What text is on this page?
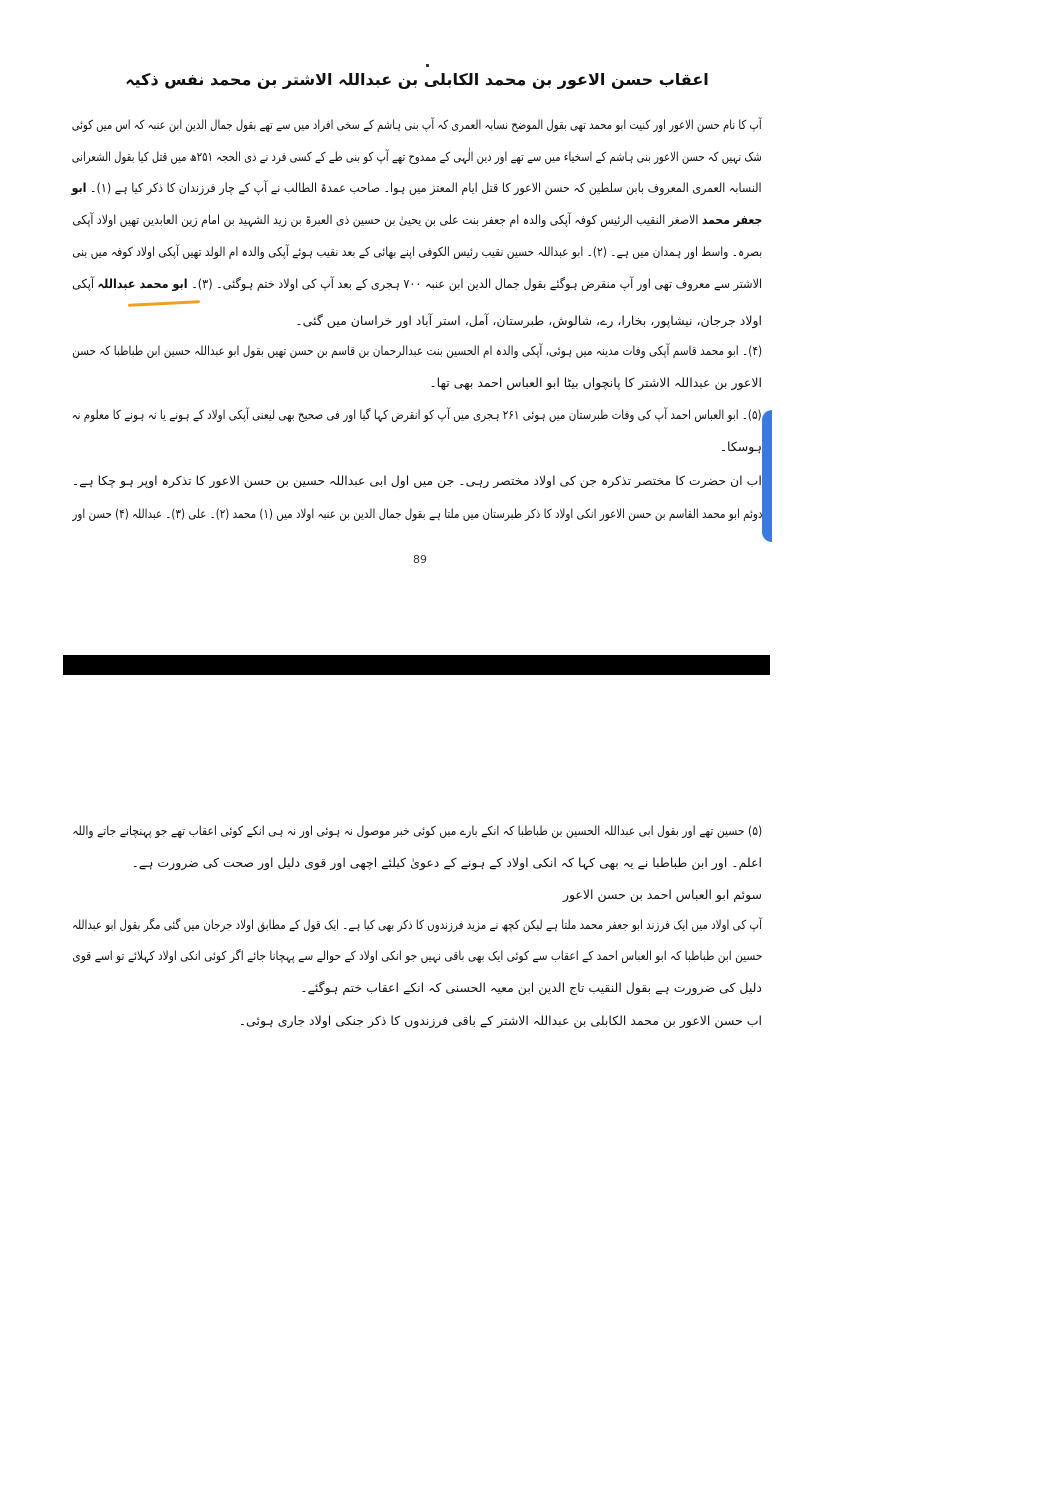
اعقاب حسن الاعور بن محمد الکابلی بن عبداللہ الاشتر بن محمد نفس ذکیہ
آپ کا نام حسن الاعور اور کنیت ابو محمد تھی بقول الموضح نسابہ العمری کہ آپ بنی ہاشم کے سخی افراد میں سے تھے بقول جمال الدین ابن عنبہ کہ اس میں کوئی
شک نہیں کہ حسن الاعور بنی ہاشم کے اسخیاء میں سے تھے اور دین الٰہی کے ممدوح تھے آپ کو بنی طے کے کسی فرد نے ذی الحجہ ۲۵۱ھ میں قتل کیا بقول الشعرانی
النسابہ العمری المعروف بابن سلطین کہ حسن الاعور کا قتل ایام المعتز میں ہوا۔ صاحب عمدۃ الطالب نے آپ کے چار فرزندان کا ذکر کیا ہے (۱)۔ ابو
جعفر محمد الاصغر النقیب الرئیس کوفہ آپکی والدہ ام جعفر بنت علی بن یحییٰ بن حسین ذی العبرۃ بن زید الشہید بن امام زین العابدین تھیں اولاد آپکی
بصرہ۔ واسط اور ہمدان میں ہے۔ (۲)۔ ابو عبداللہ حسین نقیب رئیس الکوفی اپنے بھائی کے بعد نقیب ہوئے آپکی والدہ ام الولد تھیں آپکی اولاد کوفہ میں بنی
الاشتر سے معروف تھی اور آپ منقرض ہوگئے بقول جمال الدین ابن عنبہ ۷۰۰ ہجری کے بعد آپ کی اولاد ختم ہوگئی۔ (۳)۔ ابو محمد عبداللہ آپکی
اولاد جرجان، نیشاپور، بخارا، رے، شالوش، طبرستان، آمل، استر آباد اور خراسان میں گئی۔
(۴)۔ ابو محمد قاسم آپکی وفات مدینہ میں ہوئی، آپکی والدہ ام الحسین بنت عبدالرحمان بن قاسم بن حسن تھیں بقول ابو عبداللہ حسین ابن طباطبا کہ حسن
الاعور بن عبداللہ الاشتر کا پانچواں بیٹا ابو العباس احمد بھی تھا۔
(۵)۔ ابو العباس احمد آپ کی وفات طبرستان میں ہوئی ۲۶۱ ہجری میں آپ کو انقرض کہا گیا اور فی صحیح بھی لیعنی آپکی اولاد کے ہونے یا نہ ہونے کا معلوم نہ
ہوسکا۔
اب ان حضرت کا مختصر تذکرہ جن کی اولاد مختصر رہی۔ جن میں اول ابی عبداللہ حسین بن حسن الاعور کا تذکرہ اوپر ہو چکا ہے۔
دوئم ابو محمد القاسم بن حسن الاعور انکی اولاد کا ذکر طبرستان میں ملتا ہے بقول جمال الدین بن عنبہ اولاد میں (۱) محمد (۲)۔ علی (۳)۔ عبداللہ (۴) حسن اور
89
(۵) حسین تھے اور بقول ابی عبداللہ الحسین بن طباطبا کہ انکے بارے میں کوئی خبر موصول نہ ہوئی اور نہ ہی انکے کوئی اعقاب تھے جو پہنچانے جاتے واللہ
اعلم۔ اور ابن طباطبا نے یہ بھی کہا کہ انکی اولاد کے ہونے کے دعویٰ کیلئے اچھی اور قوی دلیل اور صحت کی ضرورت ہے۔
سوئم ابو العباس احمد بن حسن الاعور
آپ کی اولاد میں ایک فرزند ابو جعفر محمد ملتا ہے لیکن کچھ نے مزید فرزندوں کا ذکر بھی کیا ہے۔ ایک قول کے مطابق اولاد جرجان میں گئی مگر بقول ابو عبداللہ
حسین ابن طباطبا کہ ابو العباس احمد کے اعقاب سے کوئی ایک بھی باقی نہیں جو انکی اولاد کے حوالے سے پہچانا جائے اگر کوئی انکی اولاد کہلائے تو اسے قوی
دلیل کی ضرورت ہے بقول النقیب تاج الدین ابن معیہ الحسنی کہ انکے اعقاب ختم ہوگئے۔
اب حسن الاعور بن محمد الکابلی بن عبداللہ الاشتر کے باقی فرزندوں کا ذکر جنکی اولاد جاری ہوئی۔
